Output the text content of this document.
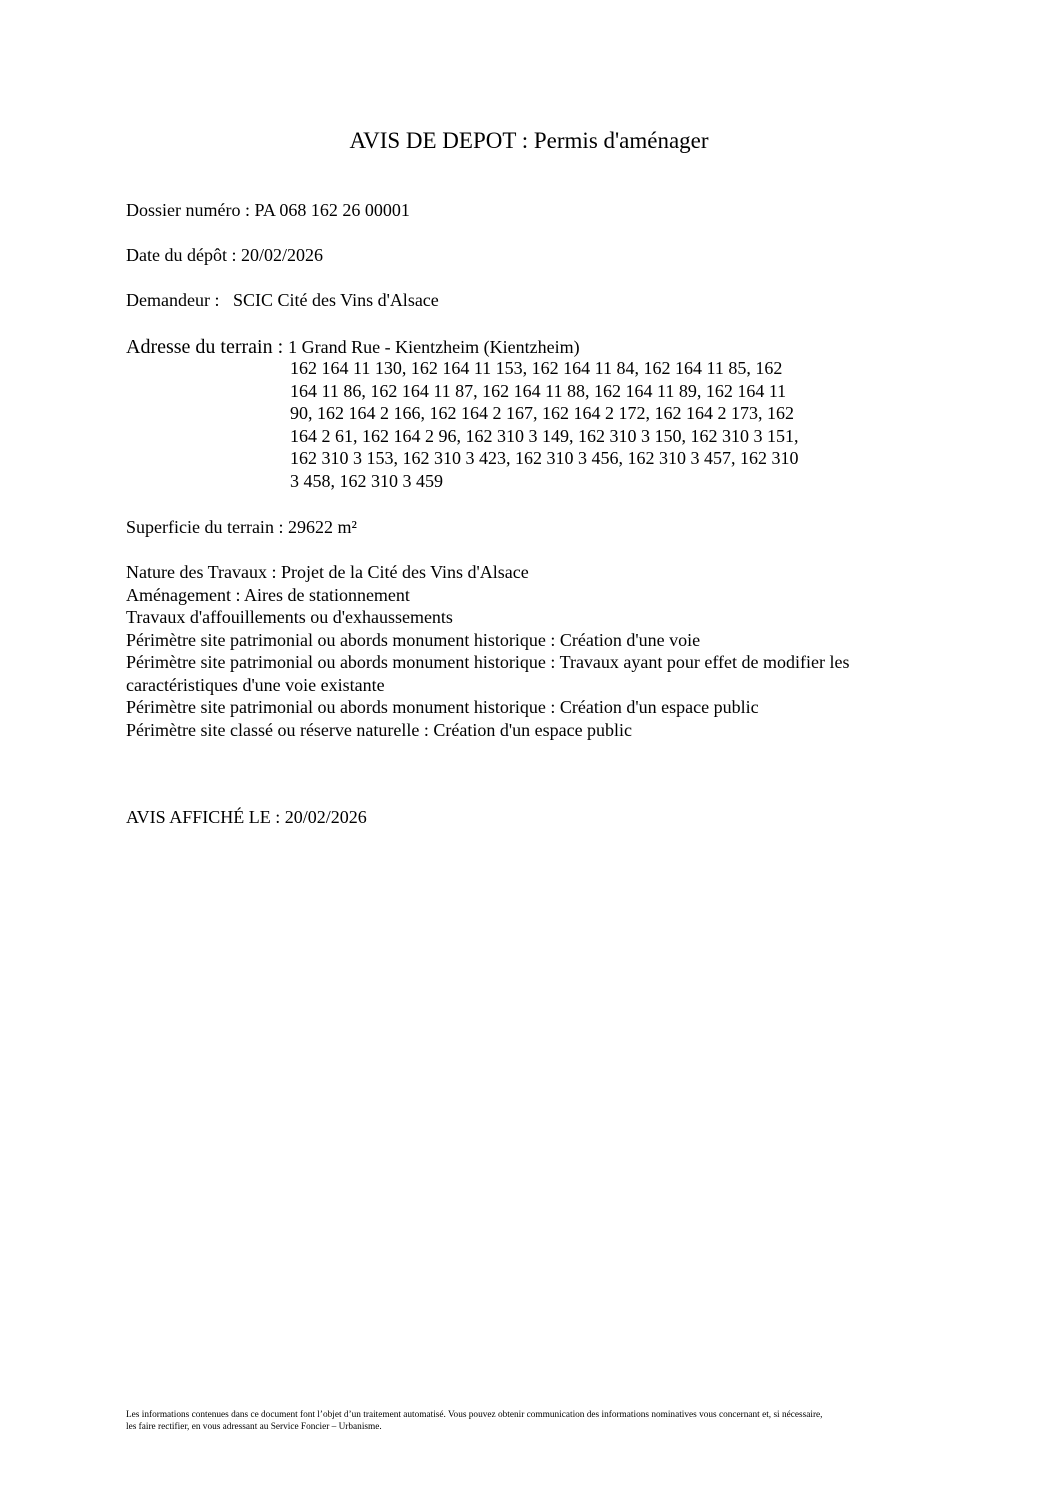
AVIS DE DEPOT : Permis d'aménager
Dossier numéro : PA 068 162 26 00001
Date du dépôt : 20/02/2026
Demandeur :   SCIC Cité des Vins d'Alsace
Adresse du terrain : 1 Grand Rue - Kientzheim (Kientzheim)
162 164 11 130, 162 164 11 153, 162 164 11 84, 162 164 11 85, 162
164 11 86, 162 164 11 87, 162 164 11 88, 162 164 11 89, 162 164 11
90, 162 164 2 166, 162 164 2 167, 162 164 2 172, 162 164 2 173, 162
164 2 61, 162 164 2 96, 162 310 3 149, 162 310 3 150, 162 310 3 151,
162 310 3 153, 162 310 3 423, 162 310 3 456, 162 310 3 457, 162 310
3 458, 162 310 3 459
Superficie du terrain : 29622 m²
Nature des Travaux : Projet de la Cité des Vins d'Alsace
Aménagement : Aires de stationnement
Travaux d'affouillements ou d'exhaussements
Périmètre site patrimonial ou abords monument historique : Création d'une voie
Périmètre site patrimonial ou abords monument historique : Travaux ayant pour effet de modifier les
caractéristiques d'une voie existante
Périmètre site patrimonial ou abords monument historique : Création d'un espace public
Périmètre site classé ou réserve naturelle : Création d'un espace public
AVIS AFFICHÉ LE : 20/02/2026
Les informations contenues dans ce document font l’objet d’un traitement automatisé. Vous pouvez obtenir communication des informations nominatives vous concernant et, si nécessaire,
les faire rectifier, en vous adressant au Service Foncier – Urbanisme.
